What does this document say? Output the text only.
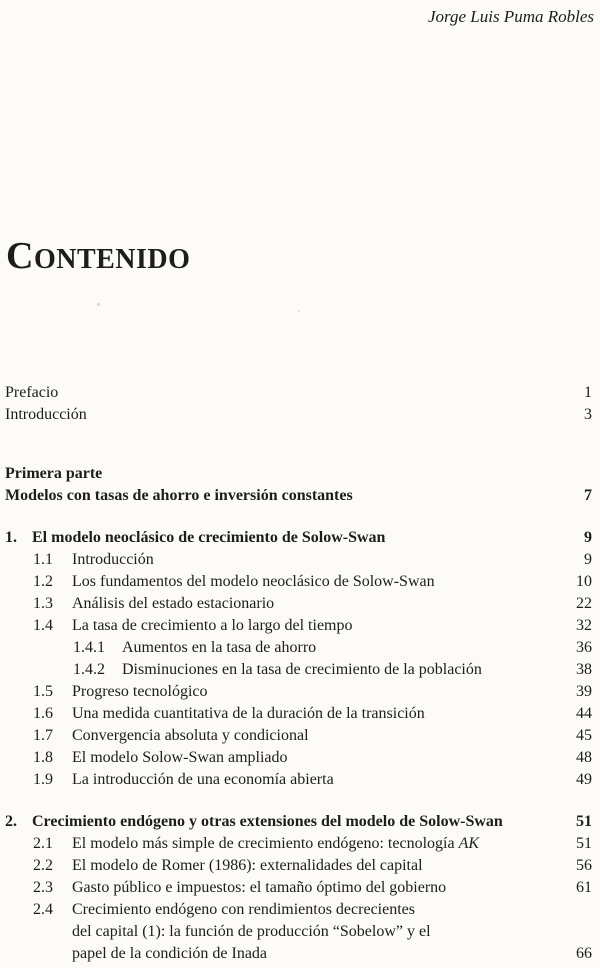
Jorge Luis Puma Robles
CONTENIDO
Prefacio	1
Introducción	3
Primera parte
Modelos con tasas de ahorro e inversión constantes	7
1. El modelo neoclásico de crecimiento de Solow-Swan	9
1.1	Introducción	9
1.2	Los fundamentos del modelo neoclásico de Solow-Swan	10
1.3	Análisis del estado estacionario	22
1.4	La tasa de crecimiento a lo largo del tiempo	32
1.4.1	Aumentos en la tasa de ahorro	36
1.4.2	Disminuciones en la tasa de crecimiento de la población	38
1.5	Progreso tecnológico	39
1.6	Una medida cuantitativa de la duración de la transición	44
1.7	Convergencia absoluta y condicional	45
1.8	El modelo Solow-Swan ampliado	48
1.9	La introducción de una economía abierta	49
2. Crecimiento endógeno y otras extensiones del modelo de Solow-Swan	51
2.1	El modelo más simple de crecimiento endógeno: tecnología AK	51
2.2	El modelo de Romer (1986): externalidades del capital	56
2.3	Gasto público e impuestos: el tamaño óptimo del gobierno	61
2.4	Crecimiento endógeno con rendimientos decrecientes
del capital (1): la función de producción “Sobelow” y el
papel de la condición de Inada	66
